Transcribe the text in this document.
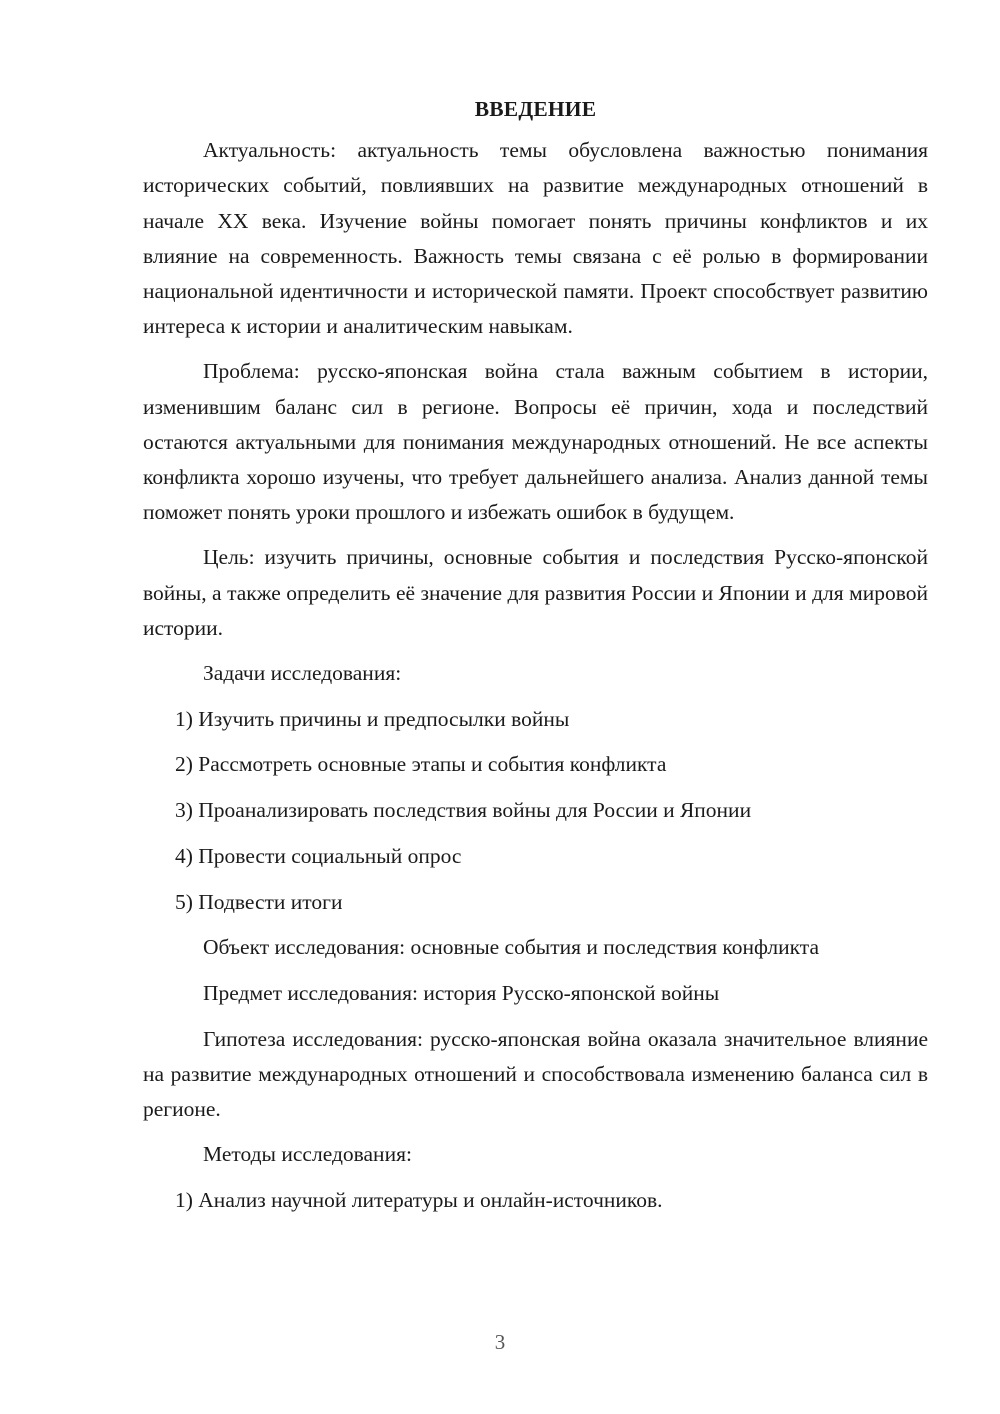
ВВЕДЕНИЕ

Актуальность: актуальность темы обусловлена важностью понимания исторических событий, повлиявших на развитие международных отношений в начале XX века. Изучение войны помогает понять причины конфликтов и их влияние на современность. Важность темы связана с её ролью в формировании национальной идентичности и исторической памяти. Проект способствует развитию интереса к истории и аналитическим навыкам.

Проблема: русско-японская война стала важным событием в истории, изменившим баланс сил в регионе. Вопросы её причин, хода и последствий остаются актуальными для понимания международных отношений. Не все аспекты конфликта хорошо изучены, что требует дальнейшего анализа. Анализ данной темы поможет понять уроки прошлого и избежать ошибок в будущем.

Цель: изучить причины, основные события и последствия Русско-японской войны, а также определить её значение для развития России и Японии и для мировой истории.

Задачи исследования:
1) Изучить причины и предпосылки войны
2) Рассмотреть основные этапы и события конфликта
3) Проанализировать последствия войны для России и Японии
4) Провести социальный опрос
5) Подвести итоги
Объект исследования: основные события и последствия конфликта
Предмет исследования: история Русско-японской войны

Гипотеза исследования: русско-японская война оказала значительное влияние на развитие международных отношений и способствовала изменению баланса сил в регионе.

Методы исследования:
1) Анализ научной литературы и онлайн-источников.
3
